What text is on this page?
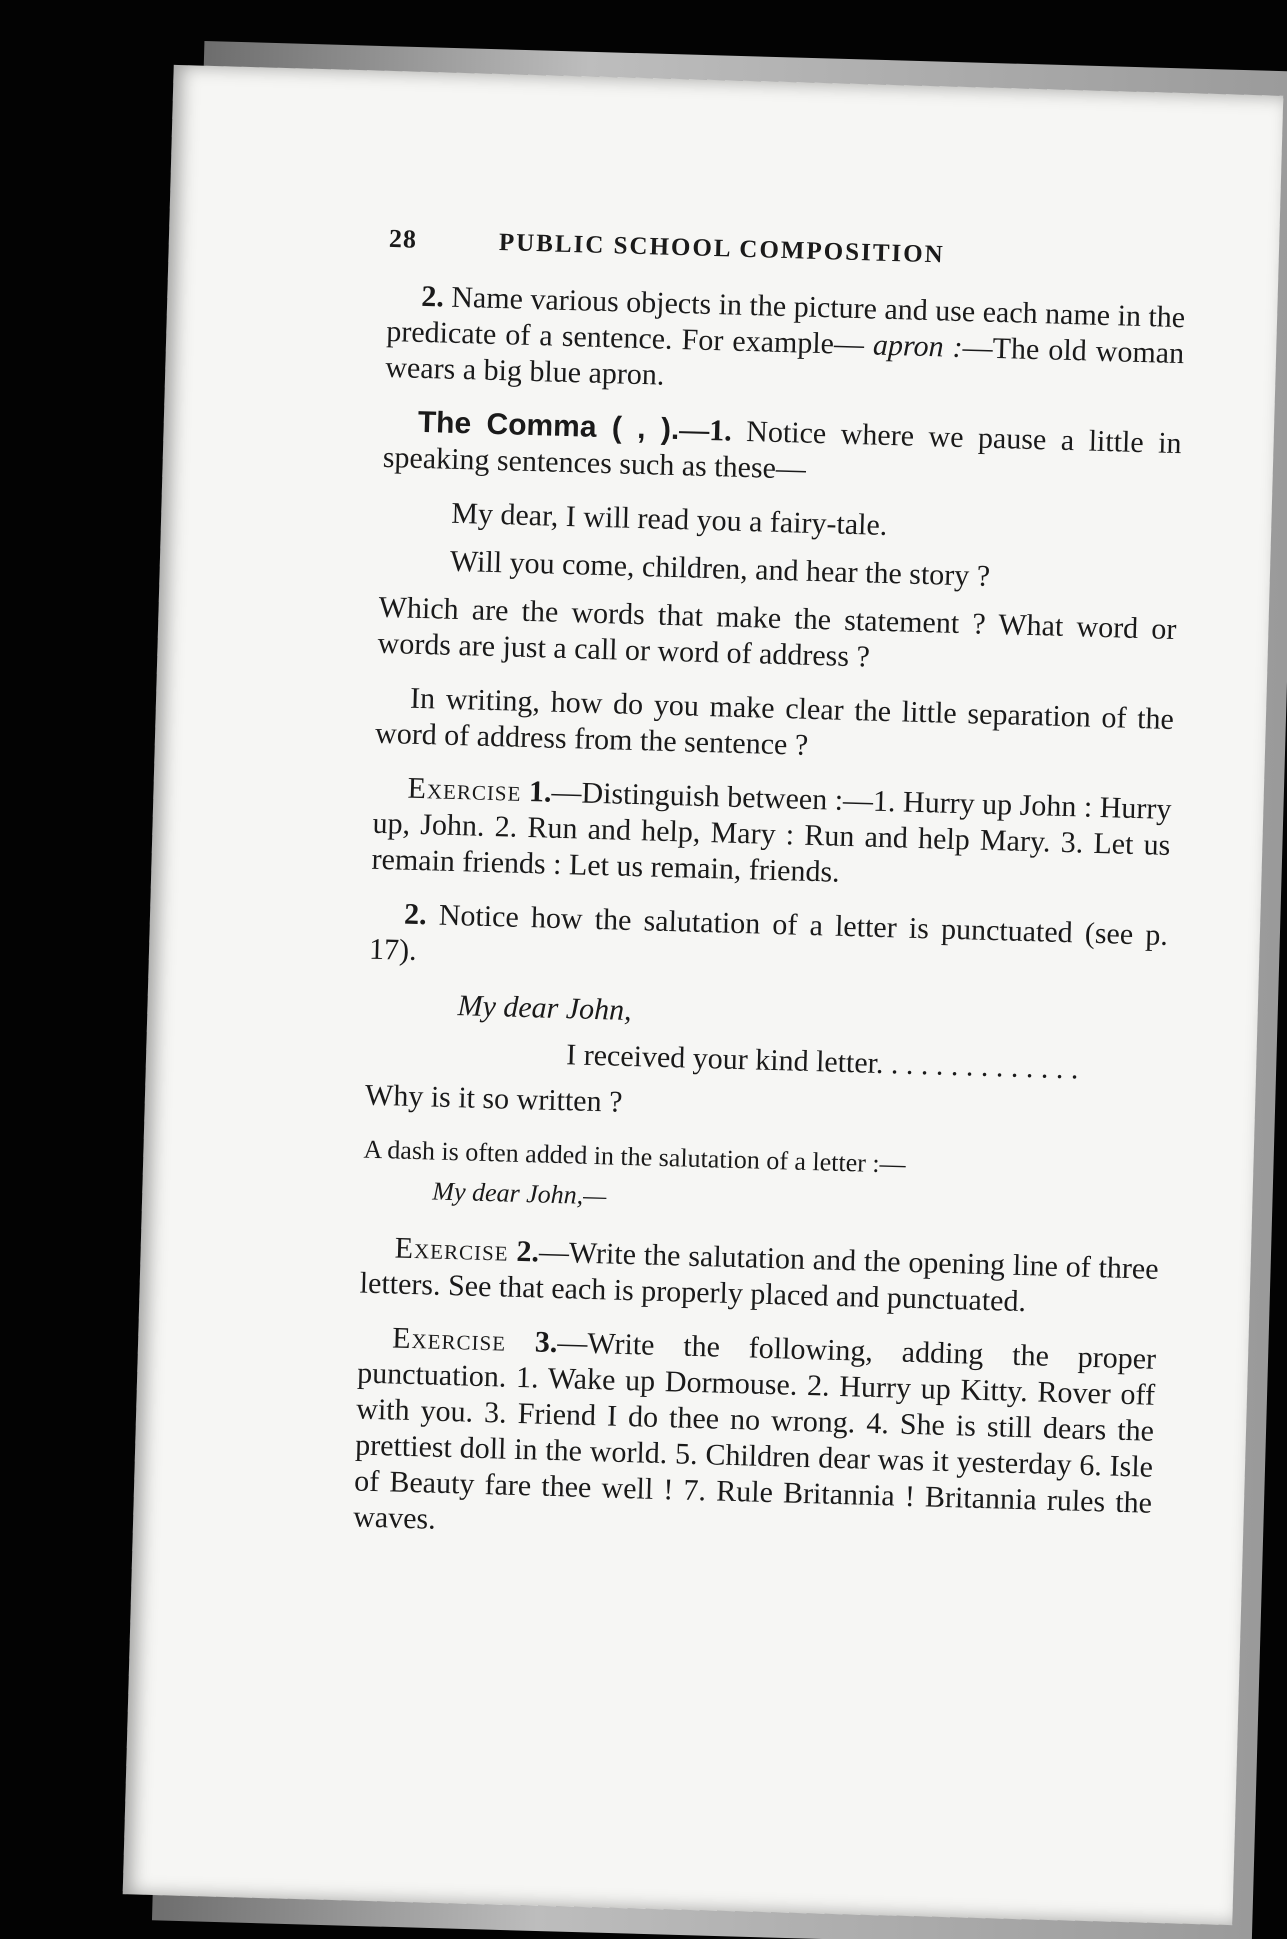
28	PUBLIC SCHOOL COMPOSITION

2. Name various objects in the picture and use each name in the predicate of a sentence. For example— apron :—The old woman wears a big blue apron.

The Comma ( , ).—1. Notice where we pause a little in speaking sentences such as these—

My dear, I will read you a fairy-tale.

Will you come, children, and hear the story ?

Which are the words that make the statement ? What word or words are just a call or word of address ?

In writing, how do you make clear the little separation of the word of address from the sentence ?

Exercise 1.—Distinguish between :—1. Hurry up John : Hurry up, John. 2. Run and help, Mary : Run and help Mary. 3. Let us remain friends : Let us remain, friends.

2. Notice how the salutation of a letter is punctuated (see p. 17).

My dear John,

I received your kind letter. . . . . . . . . . . . . .

Why is it so written ?

A dash is often added in the salutation of a letter :—

My dear John,—

Exercise 2.—Write the salutation and the opening line of three letters. See that each is properly placed and punctuated.

Exercise 3.—Write the following, adding the proper punctuation. 1. Wake up Dormouse. 2. Hurry up Kitty. Rover off with you. 3. Friend I do thee no wrong. 4. She is still dears the prettiest doll in the world. 5. Children dear was it yesterday 6. Isle of Beauty fare thee well ! 7. Rule Britannia ! Britannia rules the waves.
